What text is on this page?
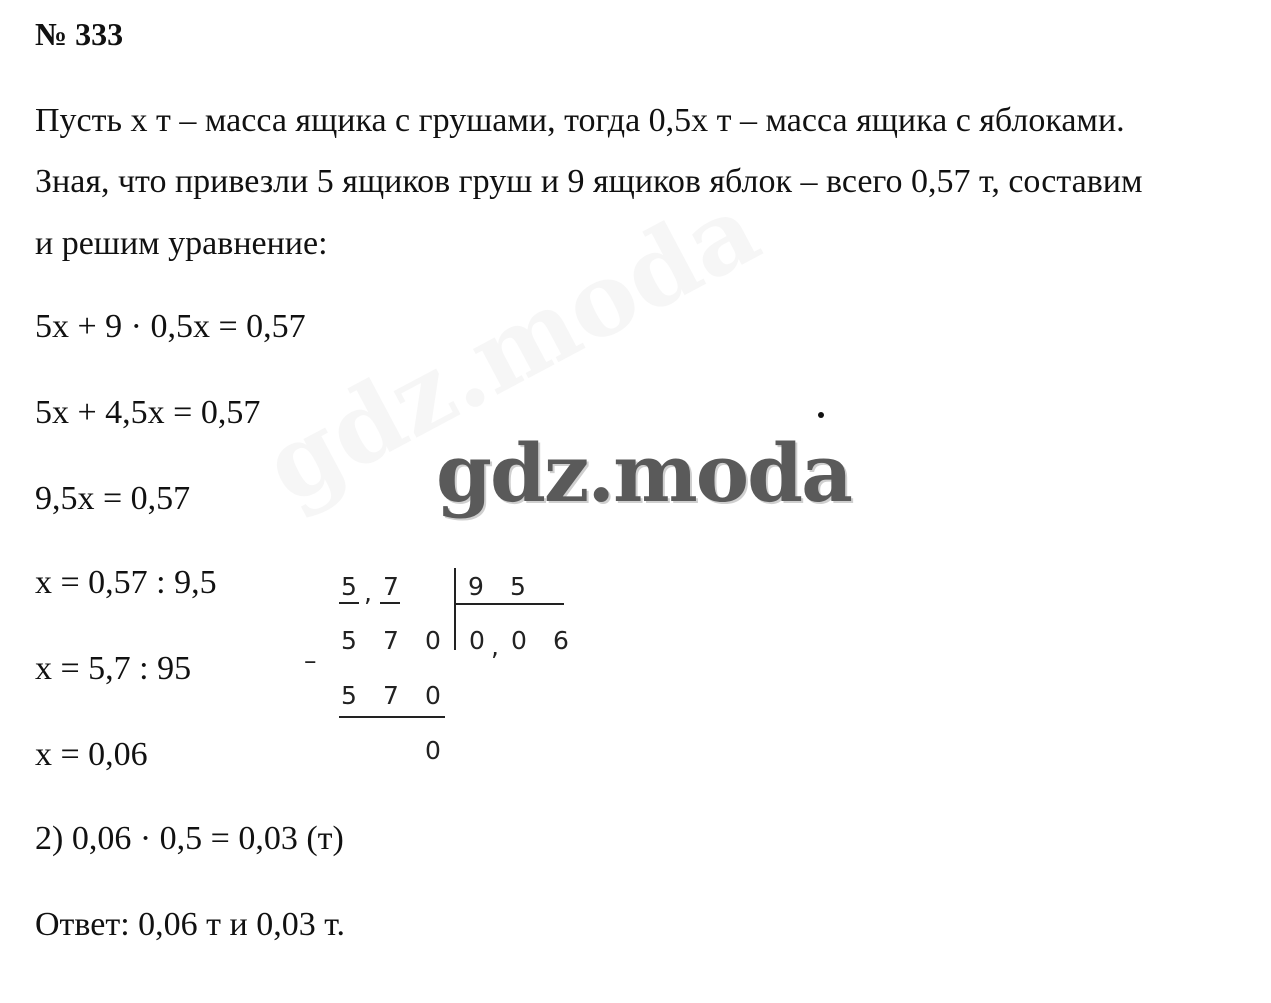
№ 333
Пусть x т – масса ящика с грушами, тогда 0,5x т – масса ящика с яблоками.
Зная, что привезли 5 ящиков груш и 9 ящиков яблок – всего 0,57 т, составим
и решим уравнение:
5x + 9 · 0,5x = 0,57
5x + 4,5x = 0,57
9,5x = 0,57
x = 0,57 : 9,5
x = 5,7 : 95
x = 0,06
2) 0,06 · 0,5 = 0,03 (т)
Ответ: 0,06 т и 0,03 т.
gdz.moda
5 , 7	9 5
5 7 0 0 , 0 6
–
5 7 0
0
